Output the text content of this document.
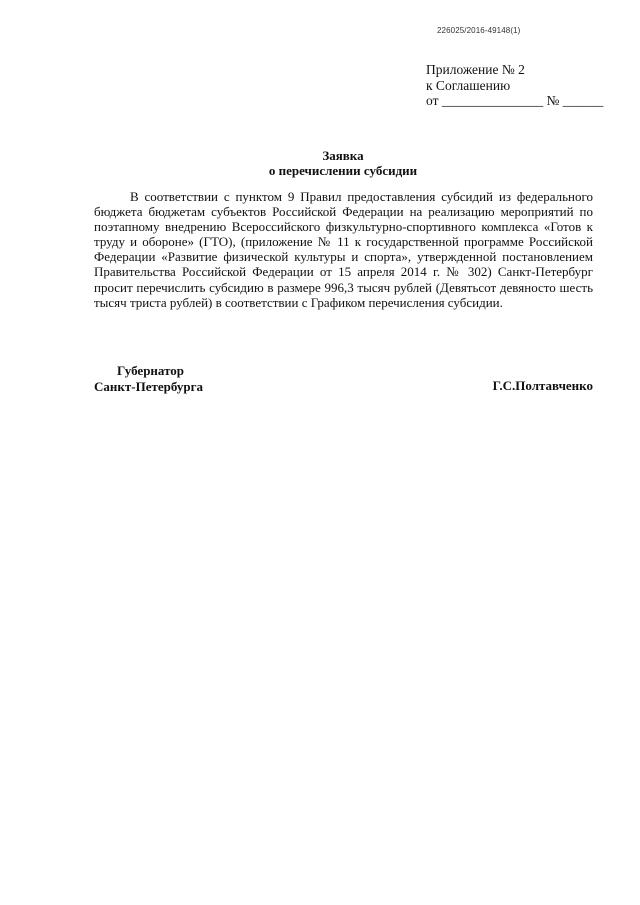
226025/2016-49148(1)
Приложение № 2
к Соглашению
от _______________ № ______
Заявка
о перечислении субсидии

В соответствии с пунктом 9 Правил предоставления субсидий из федерального бюджета бюджетам субъектов Российской Федерации на реализацию мероприятий по поэтапному внедрению Всероссийского физкультурно-спортивного комплекса «Готов к труду и обороне» (ГТО), (приложение № 11 к государственной программе Российской Федерации «Развитие физической культуры и спорта», утвержденной постановлением Правительства Российской Федерации от 15 апреля 2014 г. № 302) Санкт-Петербург просит перечислить субсидию в размере 996,3 тысяч рублей (Девятьсот девяносто шесть тысяч триста рублей) в соответствии с Графиком перечисления субсидии.

Губернатор
Санкт-Петербурга	Г.С.Полтавченко
